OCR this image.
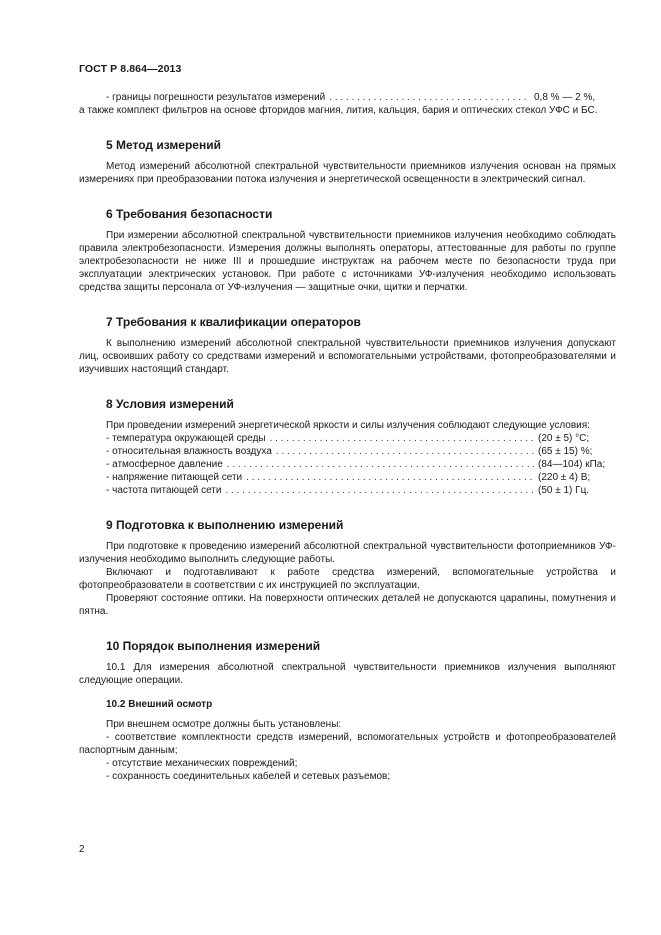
ГОСТ Р 8.864—2013
- границы погрешности результатов измерений . . .	0,8 % — 2 %,

а также комплект фильтров на основе фторидов магния, лития, кальция, бария и оптических стекол УФС и БС.

5 Метод измерений

Метод измерений абсолютной спектральной чувствительности приемников излучения основан на прямых измерениях при преобразовании потока излучения и энергетической освещенности в электрический сигнал.

6 Требования безопасности

При измерении абсолютной спектральной чувствительности приемников излучения необходимо соблюдать правила электробезопасности. Измерения должны выполнять операторы, аттестованные для работы по группе электробезопасности не ниже III и прошедшие инструктаж на рабочем месте по безопасности труда при эксплуатации электрических установок. При работе с источниками УФ-излучения необходимо использовать средства защиты персонала от УФ-излучения — защитные очки, щитки и перчатки.

7 Требования к квалификации операторов

К выполнению измерений абсолютной спектральной чувствительности приемников излучения допускают лиц, освоивших работу со средствами измерений и вспомогательными устройствами, фотопреобразователями и изучивших настоящий стандарт.

8 Условия измерений

При проведении измерений энергетической яркости и силы излучения соблюдают следующие условия:

- температура окружающей среды . . .	(20 ± 5) °C;
- относительная влажность воздуха . . .	(65 ± 15) %;
- атмосферное давление . . .	(84—104) кПа;
- напряжение питающей сети . . .	(220 ± 4) В;
- частота питающей сети . . .	(50 ± 1) Гц.
9 Подготовка к выполнению измерений

При подготовке к проведению измерений абсолютной спектральной чувствительности фотоприемников УФ-излучения необходимо выполнить следующие работы.

Включают и подготавливают к работе средства измерений, вспомогательные устройства и фотопреобразователи в соответствии с их инструкцией по эксплуатации.

Проверяют состояние оптики. На поверхности оптических деталей не допускаются царапины, помутнения и пятна.

10 Порядок выполнения измерений

10.1 Для измерения абсолютной спектральной чувствительности приемников излучения выполняют следующие операции.

10.2 Внешний осмотр

При внешнем осмотре должны быть установлены:

- соответствие комплектности средств измерений, вспомогательных устройств и фотопреобразователей паспортным данным;

- отсутствие механических повреждений;

- сохранность соединительных кабелей и сетевых разъемов;

2
